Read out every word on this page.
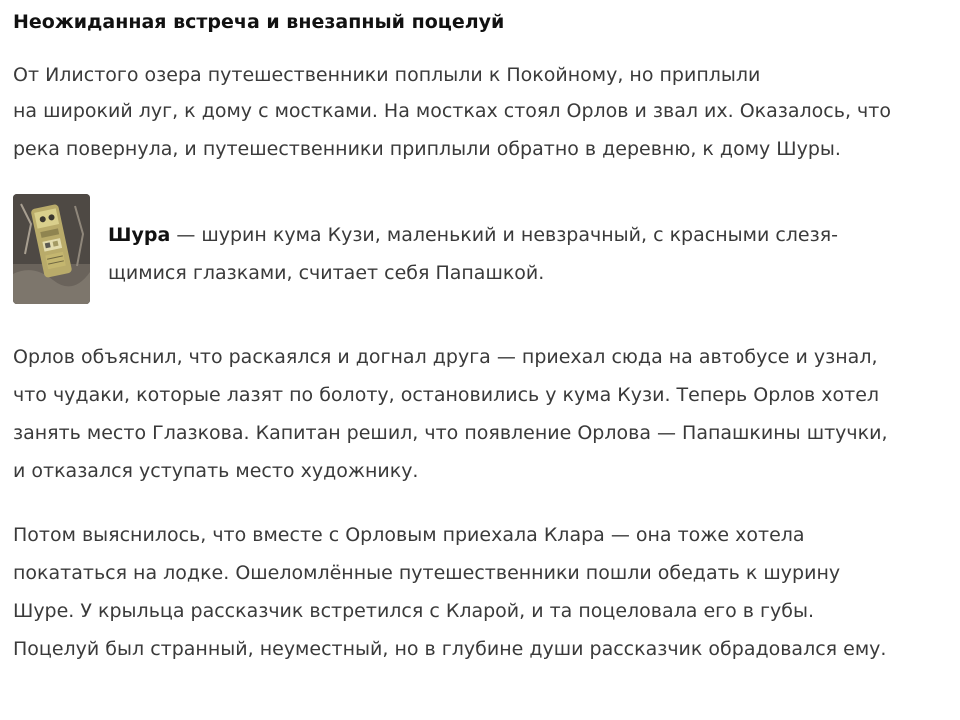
Неожиданная встреча и внезапный поцелуй

От Илистого озера путешественники поплыли к Покойному, но приплыли
на широкий луг, к дому с мостками. На мостках стоял Орлов и звал их. Оказалось, что
река повернула, и путешественники приплыли обратно в деревню, к дому Шуры.

Шура — шурин кума Кузи, маленький и невзрачный, с красными слезя-
щимися глазками, считает себя Папашкой.

Орлов объяснил, что раскаялся и догнал друга — приехал сюда на автобусе и узнал,
что чудаки, которые лазят по болоту, остановились у кума Кузи. Теперь Орлов хотел
занять место Глазкова. Капитан решил, что появление Орлова — Папашкины штучки,
и отказался уступать место художнику.

Потом выяснилось, что вместе с Орловым приехала Клара — она тоже хотела
покататься на лодке. Ошеломлённые путешественники пошли обедать к шурину
Шуре. У крыльца рассказчик встретился с Кларой, и та поцеловала его в губы.
Поцелуй был странный, неуместный, но в глубине души рассказчик обрадовался ему.
